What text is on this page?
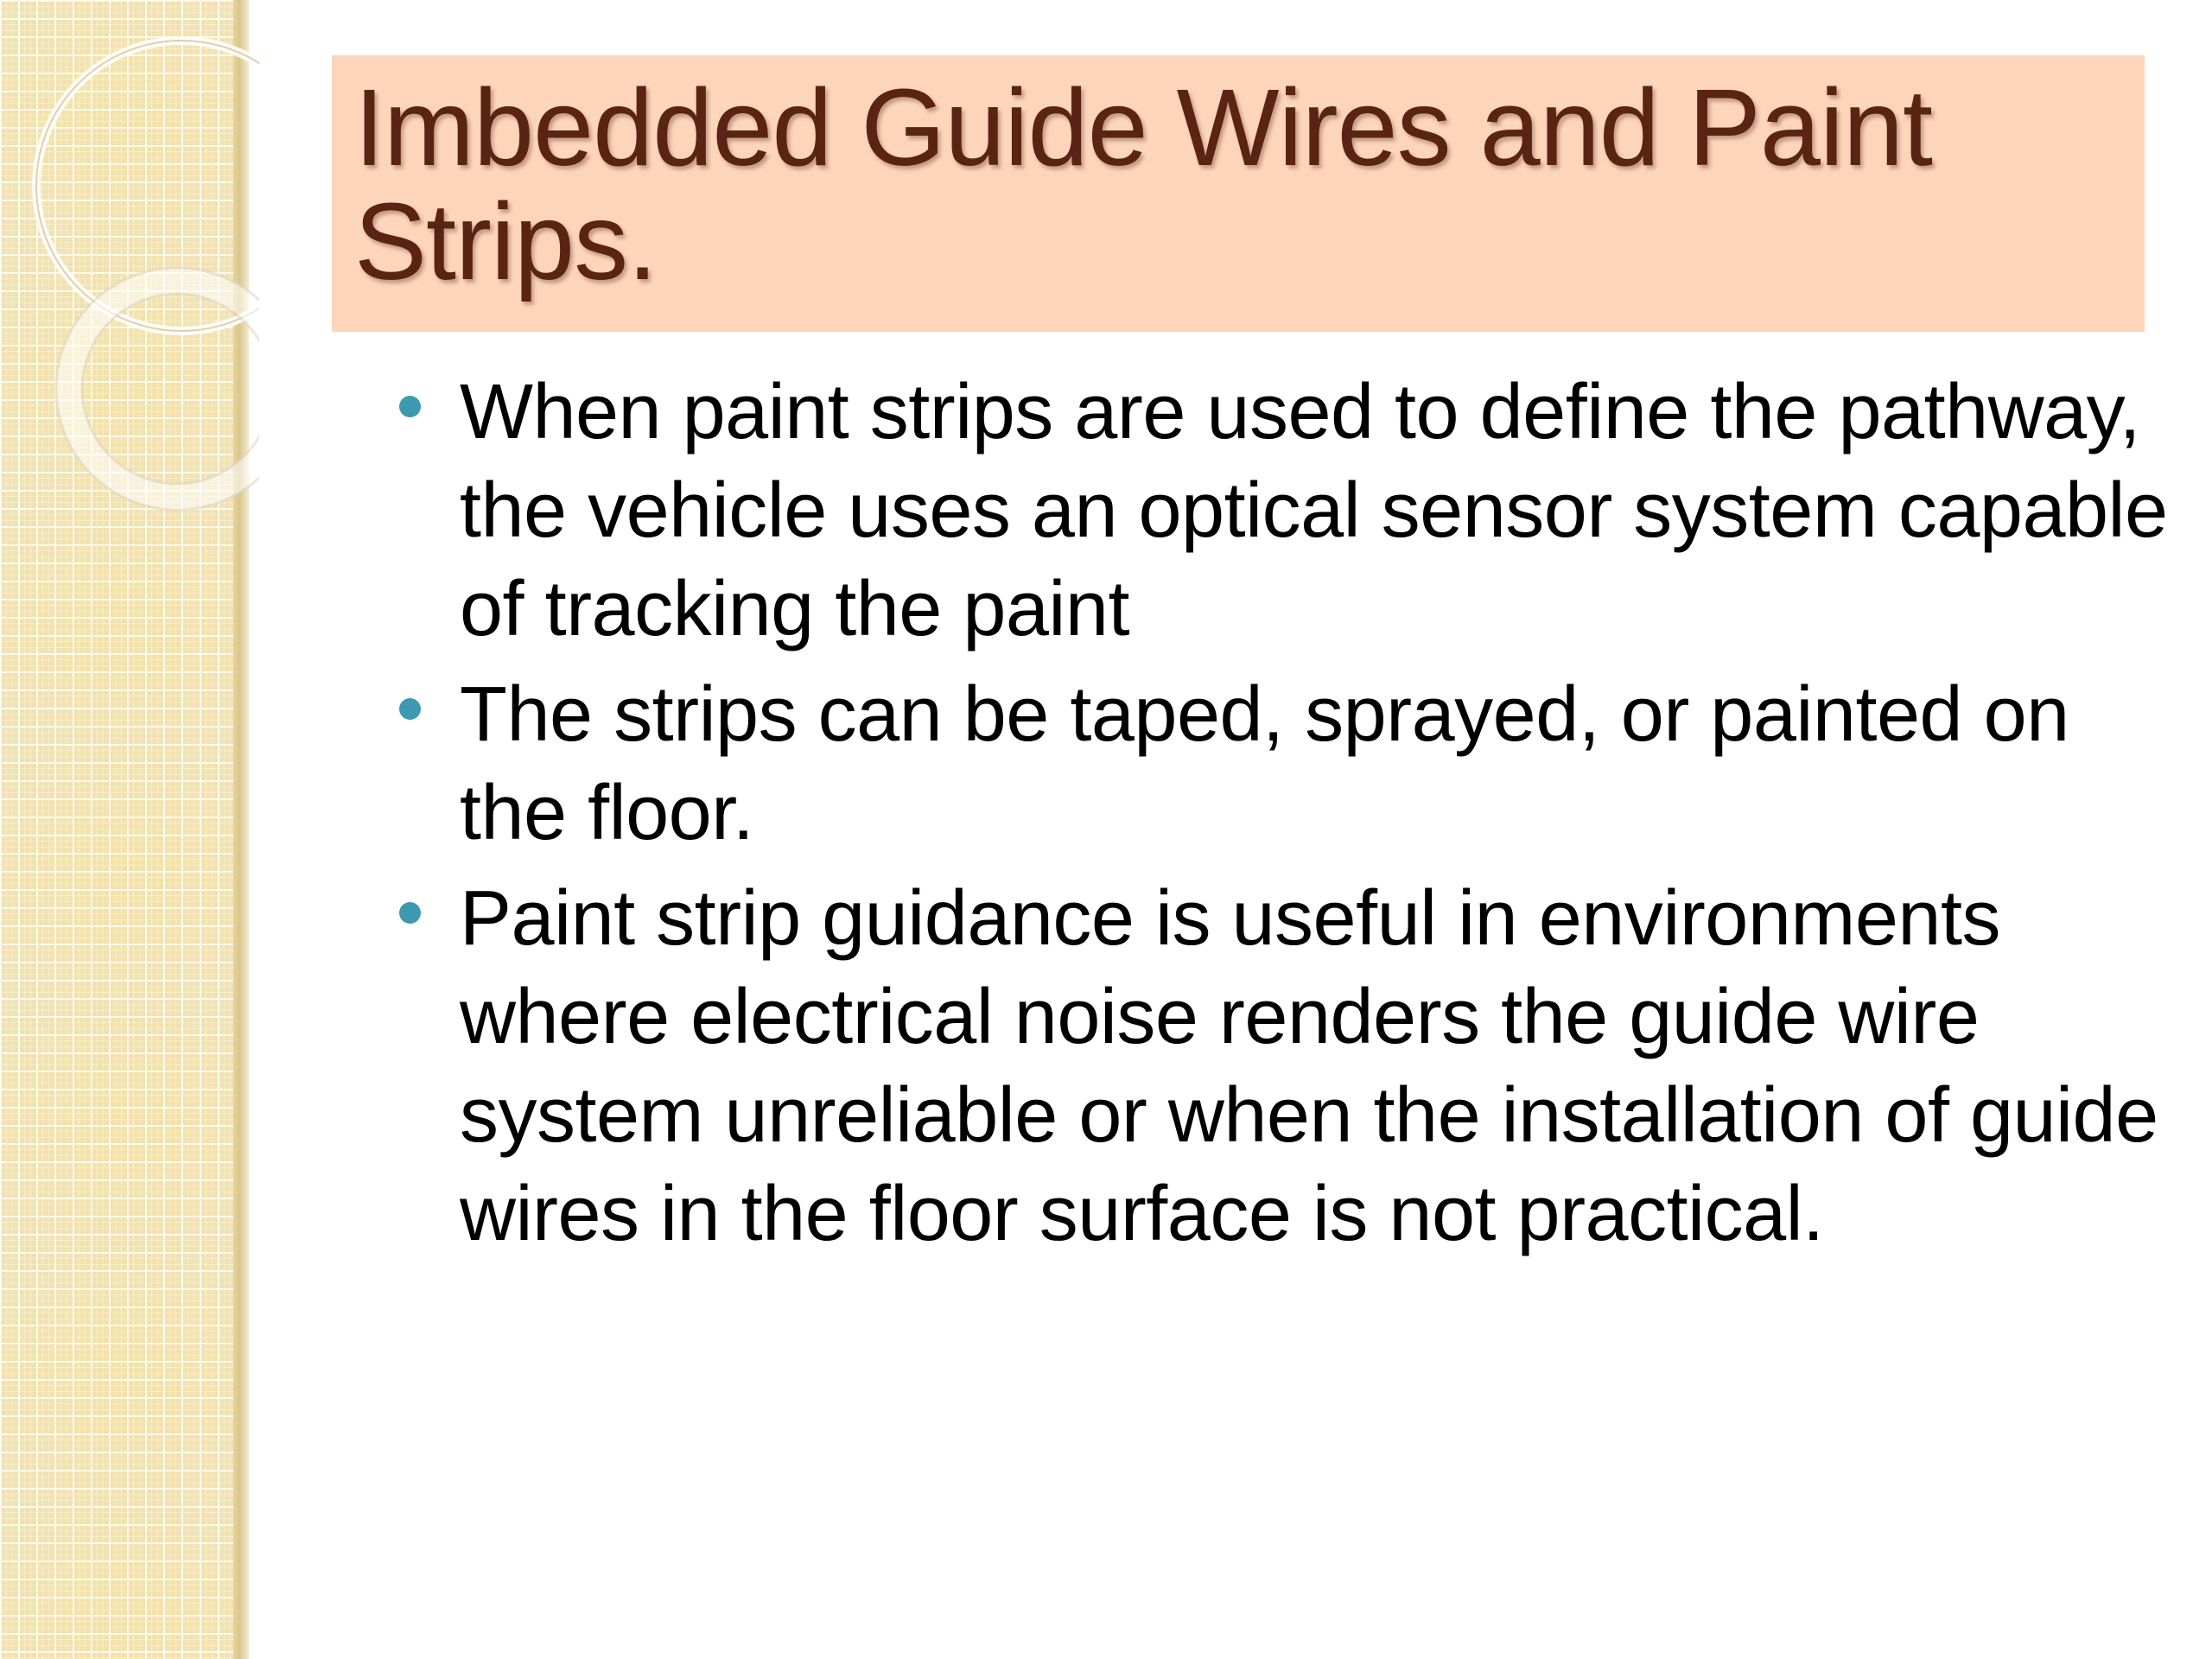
Imbedded Guide Wires and Paint Strips.
When paint strips are used to define the pathway, the vehicle uses an optical sensor system capable of tracking the paint
The strips can be taped, sprayed, or painted on the floor.
Paint strip guidance is useful in environments where electrical noise renders the guide wire system unreliable or when the installation of guide wires in the floor surface is not practical.
